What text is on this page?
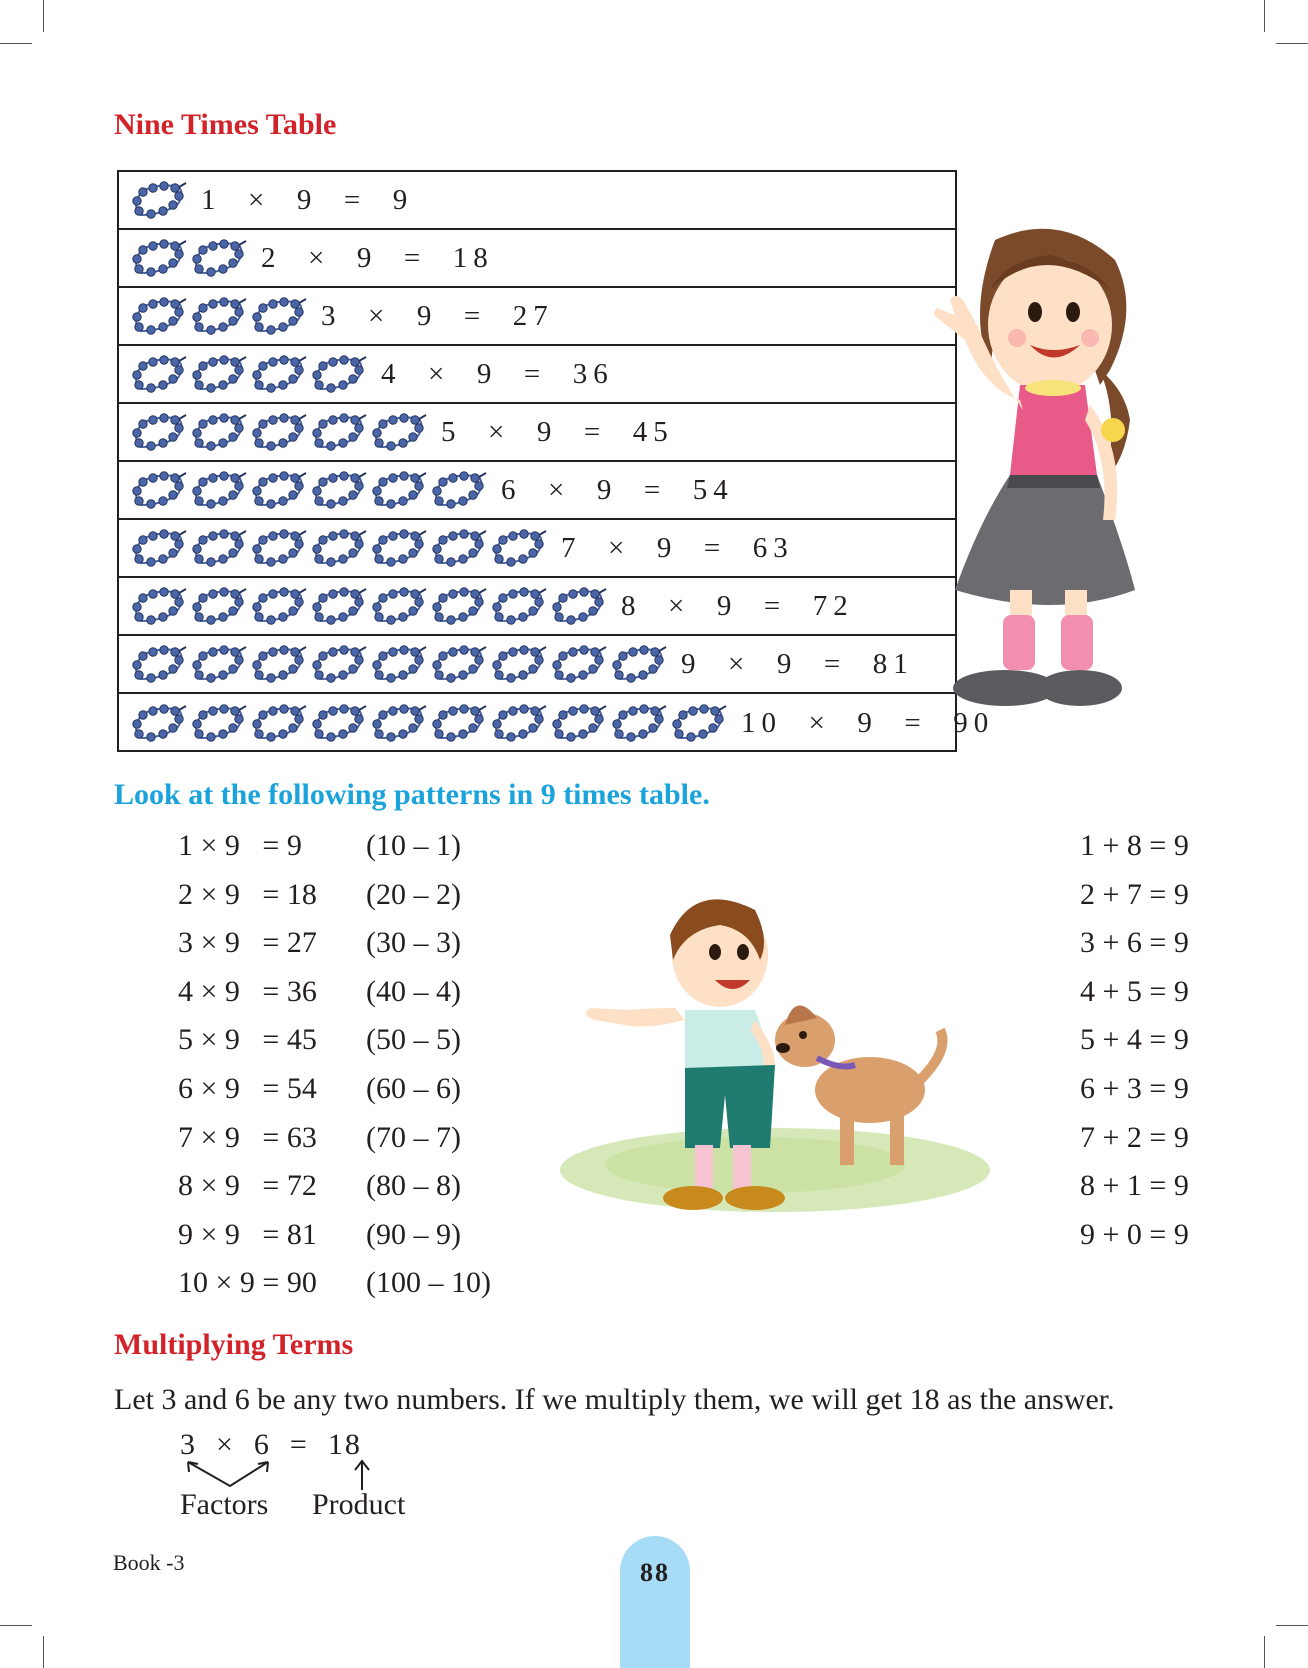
Nine Times Table
1  ×  9  =  9
2  ×  9  =  18
3  ×  9  =  27
4  ×  9  =  36
5  ×  9  =  45
6  ×  9  =  54
7  ×  9  =  63
8  ×  9  =  72
9  ×  9  =  81
10  ×  9  =  90
Look at the following patterns in 9 times table.
1 × 9   = 9
2 × 9   = 18
3 × 9   = 27
4 × 9   = 36
5 × 9   = 45
6 × 9   = 54
7 × 9   = 63
8 × 9   = 72
9 × 9   = 81
10 × 9 = 90
(10 – 1)
(20 – 2)
(30 – 3)
(40 – 4)
(50 – 5)
(60 – 6)
(70 – 7)
(80 – 8)
(90 – 9)
(100 – 10)
1 + 8 = 9
2 + 7 = 9
3 + 6 = 9
4 + 5 = 9
5 + 4 = 9
6 + 3 = 9
7 + 2 = 9
8 + 1 = 9
9 + 0 = 9
Multiplying Terms
Let 3 and 6 be any two numbers. If we multiply them, we will get 18 as the answer.
3  ×  6  =  18
Factors Product
Book -3	88
